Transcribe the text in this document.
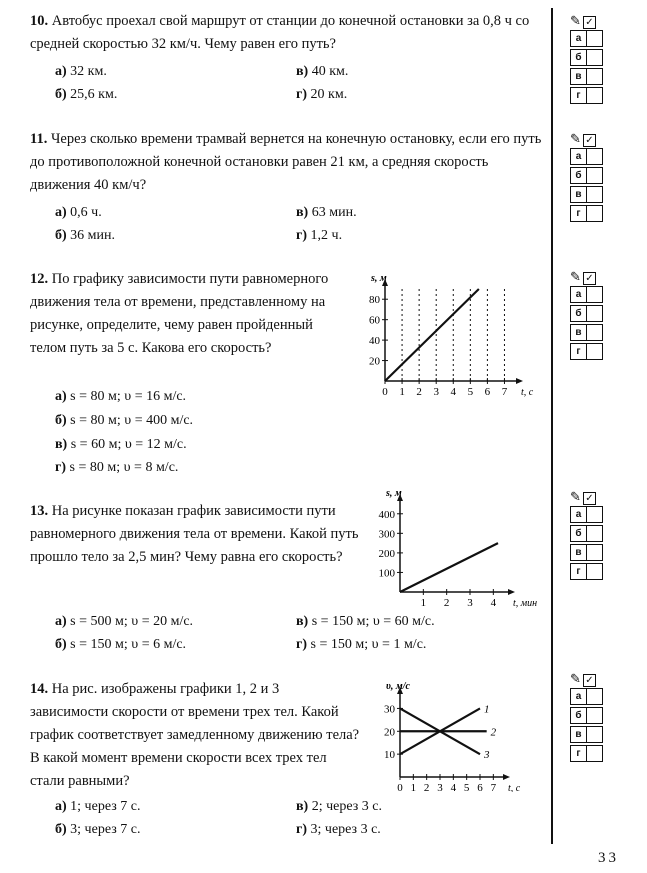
10. Автобус проехал свой маршрут от станции до конечной остановки за 0,8 ч со средней скоростью 32 км/ч. Чему равен его путь?
а) 32 км.	в) 40 км.
б) 25,6 км.	г) 20 км.
11. Через сколько времени трамвай вернется на конечную остановку, если его путь до противоположной конечной остановки равен 21 км, а средняя скорость движения 40 км/ч?
а) 0,6 ч.	в) 63 мин.
б) 36 мин.	г) 1,2 ч.
12. По графику зависимости пути равномерного движения тела от времени, представленному на рисунке, определите, чему равен пройденный телом путь за 5 с. Какова его скорость?
а) s = 80 м; υ = 16 м/с.
б) s = 80 м; υ = 400 м/с.
в) s = 60 м; υ = 12 м/с.
г) s = 80 м; υ = 8 м/с.
13. На рисунке показан график зависимости пути равномерного движения тела от времени. Какой путь прошло тело за 2,5 мин? Чему равна его скорость?
а) s = 500 м; υ = 20 м/с.	в) s = 150 м; υ = 60 м/с.
б) s = 150 м; υ = 6 м/с.	г) s = 150 м; υ = 1 м/с.
14. На рис. изображены графики 1, 2 и 3 зависимости скорости от времени трех тел. Какой график соответствует замедленному движению тела? В какой момент времени скорости всех трех тел стали равными?
а) 1; через 7 с.	в) 2; через 3 с.
б) 3; через 7 с.	г) 3; через 3 с.
✎ ✓
а
б
в
г
✎ ✓
а
б
в
г
✎ ✓
а
б
в
г
✎ ✓
а
б
в
г
✎ ✓
а
б
в
г
0 1 2 3 4 5 6 7
20
40
60
80
s, м
t, с
1 2 3 4
100
200
300
400
s, м
t, мин
0 1 2 3 4 5 6 7
10
20
30
υ, м/с
t, с
1
2
3
33
